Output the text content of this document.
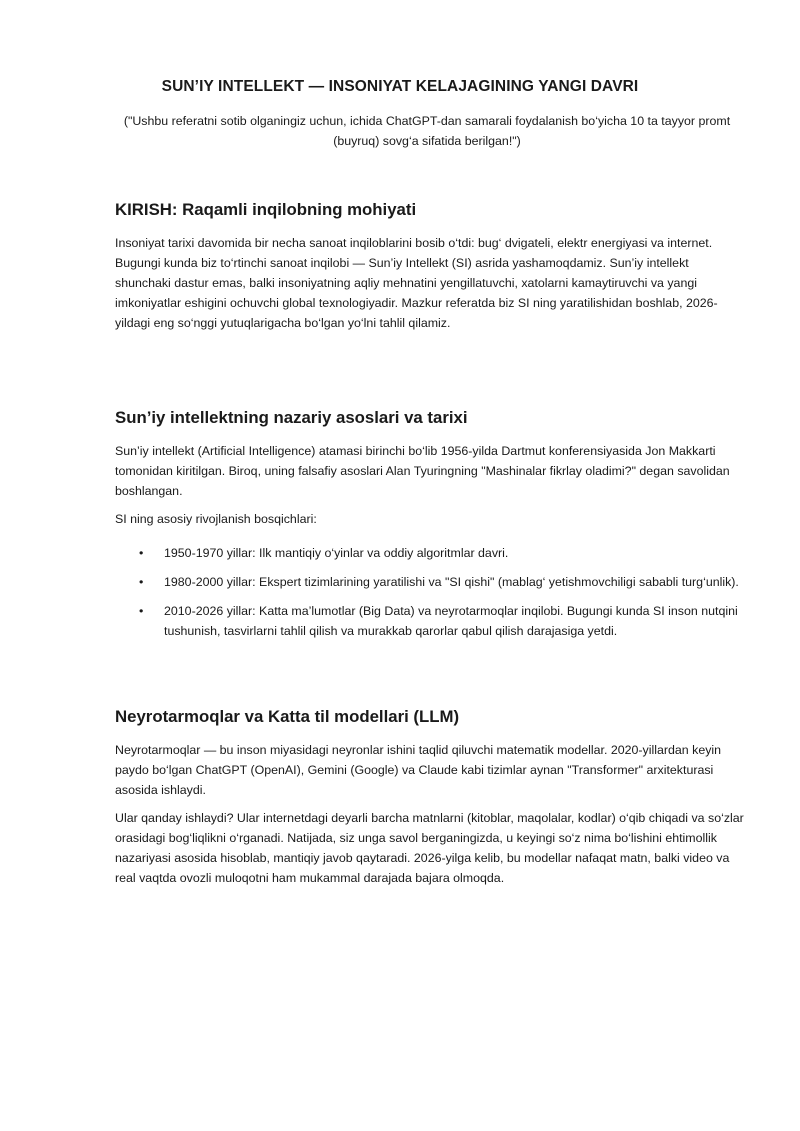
SUN’IY INTELLEKT — INSONIYAT KELAJAGINING YANGI DAVRI

("Ushbu referatni sotib olganingiz uchun, ichida ChatGPT-dan samarali foydalanish bo‘yicha 10 ta tayyor promt (buyruq) sovg‘a sifatida berilgan!")

KIRISH: Raqamli inqilobning mohiyati

Insoniyat tarixi davomida bir necha sanoat inqiloblarini bosib o‘tdi: bug‘ dvigateli, elektr energiyasi va internet. Bugungi kunda biz to‘rtinchi sanoat inqilobi — Sun’iy Intellekt (SI) asrida yashamoqdamiz. Sun’iy intellekt shunchaki dastur emas, balki insoniyatning aqliy mehnatini yengillatuvchi, xatolarni kamaytiruvchi va yangi imkoniyatlar eshigini ochuvchi global texnologiyadir. Mazkur referatda biz SI ning yaratilishidan boshlab, 2026-yildagi eng so‘nggi yutuqlarigacha bo‘lgan yo‘lni tahlil qilamiz.

Sun’iy intellektning nazariy asoslari va tarixi

Sun’iy intellekt (Artificial Intelligence) atamasi birinchi bo‘lib 1956-yilda Dartmut konferensiyasida Jon Makkarti tomonidan kiritilgan. Biroq, uning falsafiy asoslari Alan Tyuringning "Mashinalar fikrlay oladimi?" degan savolidan boshlangan.

SI ning asosiy rivojlanish bosqichlari:

• 1950-1970 yillar: Ilk mantiqiy o‘yinlar va oddiy algoritmlar davri.
• 1980-2000 yillar: Ekspert tizimlarining yaratilishi va "SI qishi" (mablag‘ yetishmovchiligi sababli turg‘unlik).
• 2010-2026 yillar: Katta ma’lumotlar (Big Data) va neyrotarmoqlar inqilobi. Bugungi kunda SI inson nutqini tushunish, tasvirlarni tahlil qilish va murakkab qarorlar qabul qilish darajasiga yetdi.
Neyrotarmoqlar va Katta til modellari (LLM)

Neyrotarmoqlar — bu inson miyasidagi neyronlar ishini taqlid qiluvchi matematik modellar. 2020-yillardan keyin paydo bo‘lgan ChatGPT (OpenAI), Gemini (Google) va Claude kabi tizimlar aynan "Transformer" arxitekturasi asosida ishlaydi.

Ular qanday ishlaydi? Ular internetdagi deyarli barcha matnlarni (kitoblar, maqolalar, kodlar) o‘qib chiqadi va so‘zlar orasidagi bog‘liqlikni o‘rganadi. Natijada, siz unga savol berganingizda, u keyingi so‘z nima bo‘lishini ehtimollik nazariyasi asosida hisoblab, mantiqiy javob qaytaradi. 2026-yilga kelib, bu modellar nafaqat matn, balki video va real vaqtda ovozli muloqotni ham mukammal darajada bajara olmoqda.
